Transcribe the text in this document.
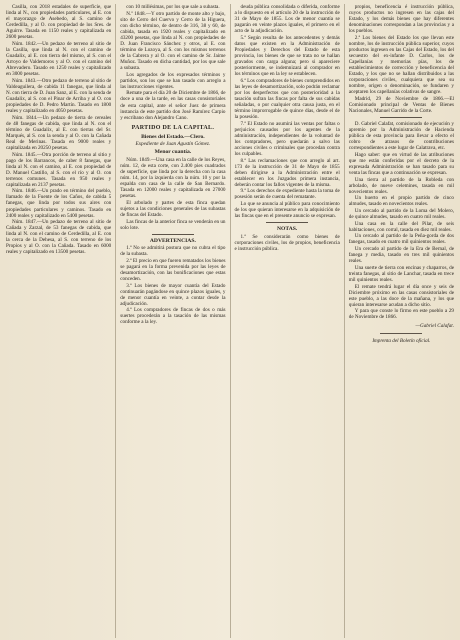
Casilla, con 2018 estadales de superficie, que linda al N., con propiedades particulares, al E. con el mayorazgo de Asebedo, al S. camino de Cerdedilla, y al O. con propiedad de los Sres. de Aguirre. Tasada en 1150 reales y capitalizada en 2600 pesetas.

Núm. 1842.—Un pedazo de terreno al sitio de la Casilla, que linda al N. con el camino de Guadalix, al E. con tierra del mismo, al S. con el Arroyo de Valdemoros y al O. con el camino del Abrevadero. Tasado en 1250 reales y capitalizado en 3000 pesetas.

Núm. 1843.—Otro pedazo de terreno al sitio de Valdeaguilera, de cabida 11 fanegas, que linda al N. con tierra de D. Juan Sanz, al E. con la senda de Guadalix, al S. con el Pinar de Arriba y al O. con propiedades de D. Pedro Martín. Tasado en 1800 reales y capitalizado en 4050 pesetas.

Núm. 1844.—Un pedazo de tierra de cereales de 48 fanegas de cabida, que linda al N. con el término de Guadalix, al E. con tierras del Sr. Marqués, al S. con la senda y al O. con la Cañada Real de Merinas. Tasada en 9000 reales y capitalizada en 20250 pesetas.

Núm. 1845.—Otra porción de terreno al sitio y pago de los Barrancos, de caber 8 fanegas, que linda al N. con el camino, al E. con propiedad de D. Manuel Castillo, al S. con el río y al O. con terrenos comunes. Tasada en 950 reales y capitalizada en 2137 pesetas.

Núm. 1846.—Un prado en término del pueblo, llamado de la Fuente de los Caños, de cabida 5 fanegas, que linda por todos sus aires con propiedades particulares y caminos. Tasado en 2400 reales y capitalizado en 5400 pesetas.

Núm. 1847.—Un pedazo de terreno al sitio de Cañada y Zarzal, de 53 fanegas de cabida, que linda al N. con el camino de Cerdedilla, al E. con la cerca de la Dehesa, al S. con terreno de los Propios y al O. con la Cañada. Tasado en 6000 reales y capitalizado en 13500 pesetas.

con 10 millésimas, por los que sale a subasta.

N.º 1848.—Y otro partido de monte alto y bajo, sito de Cerro del Cuervo y Cerro de la Higuera, con dicho término, de dentro de 316, 38 y 60, de cabida, tasada en 1920 reales y capitalizado en 43200 pesetas, que linda al N. con propiedades de D. Juan Francisco Sánchez y otros, al E. con término de Lozoya, al S. con los mismos terrenos de la Cabrera y al O. con el camino de Sr. Jaime Muñoz. Tasado en dicha cantidad, por los que sale a subasta.

Los agregados de los expresados términos y partidos, son los que se han tasado con arreglo a las instrucciones vigentes.

Remate para el día 20 de Diciembre de 1866, de doce a una de la tarde, en las casas consistoriales de esta capital, ante el señor Juez de primera instancia de este partido don José Ramírez Carpio y escribano don Alejandro Cano.

PARTIDO DE LA CAPITAL.
Bienes del Estado.—Clero.
Expediente de Juan Agustín Gómez.
Menor cuantía.

Núm. 1849.—Una casa en la calle de los Reyes, núm. 12, de esta corte, con 2.400 pies cuadrados de superficie, que linda por la derecha con la casa núm. 14, por la izquierda con la núm. 10 y por la espalda con casa de la calle de San Bernardo. Tasada en 12000 reales y capitalizada en 27000 pesetas.

El arbolado y partes de esta finca quedan sujetos a las condiciones generales de las subastas de fincas del Estado.

Las fincas de la anterior finca se venderán en un solo lote.

ADVERTENCIAS.

1.ª No se admitirá postura que no cubra el tipo de la subasta.

2.ª El precio en que fueren rematados los bienes se pagará en la forma prevenida por las leyes de desamortización, con las bonificaciones que estas conceden.

3.ª Los bienes de mayor cuantía del Estado continuarán pagándose en quince plazos iguales, y de menor cuantía en veinte, a contar desde la adjudicación.

4.ª Los compradores de fincas de dos o más suertes procederán a la tasación de las mismas conforme a la ley.

deuda pública consolidada o diferida, conforme a lo dispuesto en el artículo 20 de la instrucción de 31 de Mayo de 1855. Los de menor cuantía se pagarán en veinte plazos iguales, el primero en el acto de la adjudicación.

5.ª Según resulta de los antecedentes y demás datos que existen en la Administración de Propiedades y Derechos del Estado de esta provincia, los bienes de que se trata no se hallan gravados con carga alguna; pero si apareciere posteriormente, se indemnizará al comprador en los términos que en la ley se establecen.

6.ª Los compradores de bienes comprendidos en las leyes de desamortización, solo podrán reclamar por los desperfectos que con posterioridad a la tasación sufran las fincas por falta de sus cabidas señaladas, o por cualquier otra causa justa, en el término improrrogable de quince días, desde el de la posesión.

7.ª El Estado no asumirá las ventas por faltas o perjuicios causados por los agentes de la administración, independientes de la voluntad de los compradores, pero quedarán a salvo las acciones civiles o criminales que procedan contra los culpables.

8.ª Las reclamaciones que con arreglo al art. 173 de la instrucción de 31 de Mayo de 1855 deben dirigirse a la Administración entre el establecer en los Juzgados primera instancia, deberán contar los fallos vigentes de la misma.

9.ª Los derechos de expediente hasta la toma de posesión serán de cuenta del rematante.

Lo que se anuncia al público para conocimiento de los que quieran interesarse en la adquisición de las fincas que en el presente anuncio se expresan.

NOTAS.

1.ª Se considerarán como bienes de corporaciones civiles, los de propios, beneficencia e instrucción pública.

propios, beneficencia é instrucción pública, cuyos productos no ingresen en las cajas del Estado, y los demás bienes que hay diferentes denominaciones correspondan a las provincias y a los pueblos.

2.ª Los bienes del Estado los que llevan este nombre, los de instrucción pública superior, cuyos productos ingresen en las Cajas del Estado, los del secuestro del ex-infante D. Carlos, los de Capellanías y memorias pías, los de establecimientos de corrección y beneficencia del Estado, y los que no se hallan distribuidos a las corporaciones civiles, cualquiera que sea su nombre, origen o denominación, se fundaren y aceptaren los capellanías colativas de sangre.

Madrid, 29 de Noviembre de 1866.—El Comisionado principal de Ventas de Bienes Nacionales, Manuel Garrido de la Corte.

D. Gabriel Calafat, comisionado de ejecución y apremio por la Administración de Hacienda pública de esta provincia para llevar a efecto el cobro de atrasos de contribuciones correspondientes a este lugar de Calatrava, etc.

Hago saber: que en virtud de las atribuciones que me están conferidas por el decreto de la expresada Administración se han tasado para su venta las fincas que a continuación se expresan.

Una tierra al partido de la Robleda con arbolado, de nueve celemines, tasada en mil novecientos reales.

Un huerto en el propio partido de cinco almudes, tasado en novecientos reales.

Un cercado al partido de la Loma del Molero, de quince almudes, tasado en cuatro mil reales.

Una casa en la calle del Pilar, de seis habitaciones, con corral, tasada en diez mil reales.

Un cercado al partido de la Peña-gorda de dos fanegas, tasado en cuatro mil quinientos reales.

Un cercado al partido de la Era de Bernal, de fanega y media, tasado en tres mil quinientos reales.

Una suerte de tierra con encinas y chaparros, de treinta fanegas, al sitio de Lanchar, tasada en trece mil quinientos reales.

El remate tendrá lugar el día once y seis de Diciembre próximo en las casas consistoriales de este pueblo, a las doce de la mañana, y los que quieran interesarse acudan a dicho sitio.

Y para que conste lo firmo en este pueblo a 29 de Noviembre de 1866.

—Gabriel Calafat.

Imprenta del Boletín oficial.
